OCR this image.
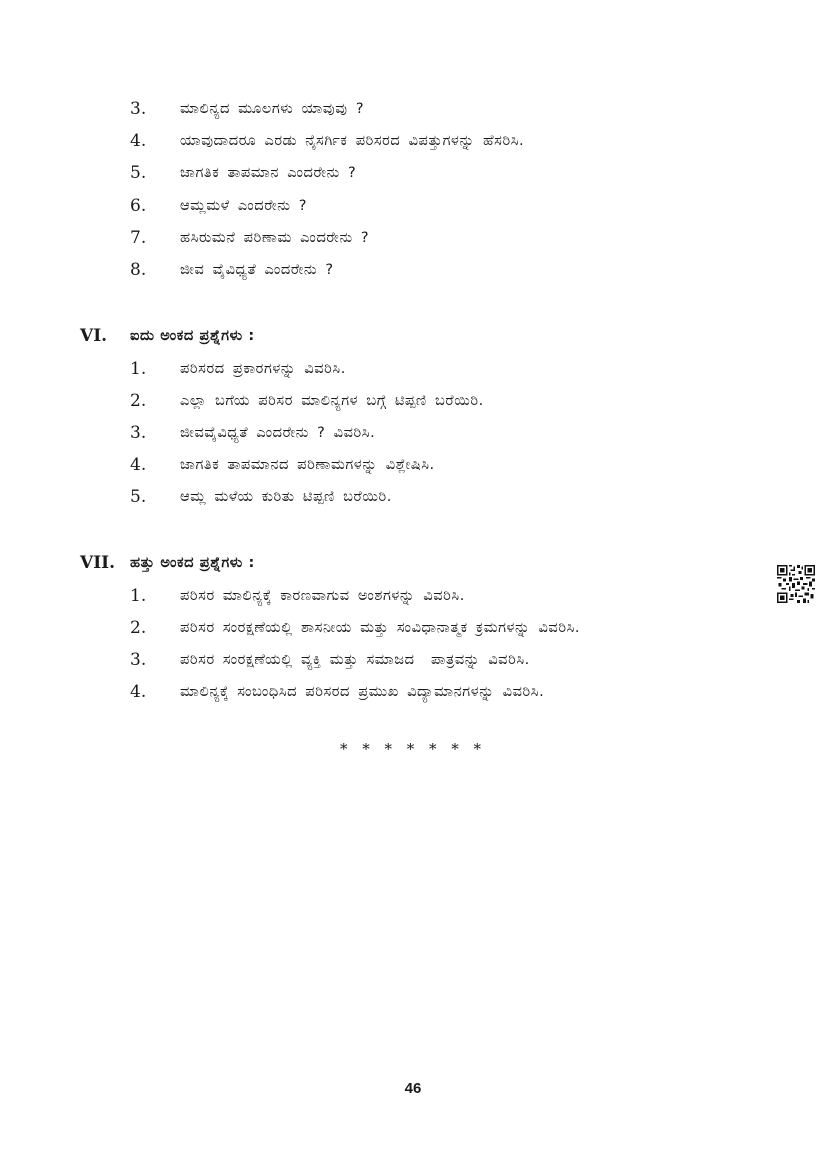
3. ಮಾಲಿನ್ಯದ ಮೂಲಗಳು ಯಾವುವು ?
4. ಯಾವುದಾದರೂ ಎರಡು ನೈಸರ್ಗಿಕ ಪರಿಸರದ ವಿಪತ್ತುಗಳನ್ನು ಹೆಸರಿಸಿ.
5. ಜಾಗತಿಕ ತಾಪಮಾನ ಎಂದರೇನು ?
6. ಆಮ್ಲಮಳೆ ಎಂದರೇನು ?
7. ಹಸಿರುಮನೆ ಪರಿಣಾಮ ಎಂದರೇನು ?
8. ಜೀವ ವೈವಿಧ್ಯತೆ ಎಂದರೇನು ?
VI. ಐದು ಅಂಕದ ಪ್ರಶ್ನೆಗಳು :
1. ಪರಿಸರದ ಪ್ರಕಾರಗಳನ್ನು ವಿವರಿಸಿ.
2. ಎಲ್ಲಾ ಬಗೆಯ ಪರಿಸರ ಮಾಲಿನ್ಯಗಳ ಬಗ್ಗೆ ಟಿಪ್ಪಣಿ ಬರೆಯಿರಿ.
3. ಜೀವವೈವಿಧ್ಯತೆ ಎಂದರೇನು ? ವಿವರಿಸಿ.
4. ಜಾಗತಿಕ ತಾಪಮಾನದ ಪರಿಣಾಮಗಳನ್ನು ವಿಶ್ಲೇಷಿಸಿ.
5. ಆಮ್ಲ ಮಳೆಯ ಕುರಿತು ಟಿಪ್ಪಣಿ ಬರೆಯಿರಿ.
VII. ಹತ್ತು ಅಂಕದ ಪ್ರಶ್ನೆಗಳು :
1. ಪರಿಸರ ಮಾಲಿನ್ಯಕ್ಕೆ ಕಾರಣವಾಗುವ ಅಂಶಗಳನ್ನು ವಿವರಿಸಿ.
2. ಪರಿಸರ ಸಂರಕ್ಷಣೆಯಲ್ಲಿ ಶಾಸನೀಯ ಮತ್ತು ಸಂವಿಧಾನಾತ್ಮಕ ಕ್ರಮಗಳನ್ನು ವಿವರಿಸಿ.
3. ಪರಿಸರ ಸಂರಕ್ಷಣೆಯಲ್ಲಿ ವ್ಯಕ್ತಿ ಮತ್ತು ಸಮಾಜದ  ಪಾತ್ರವನ್ನು ವಿವರಿಸಿ.
4. ಮಾಲಿನ್ಯಕ್ಕೆ ಸಂಬಂಧಿಸಿದ ಪರಿಸರದ ಪ್ರಮುಖ ವಿದ್ಯಾಮಾನಗಳನ್ನು ವಿವರಿಸಿ.
* * * * * * *
46
